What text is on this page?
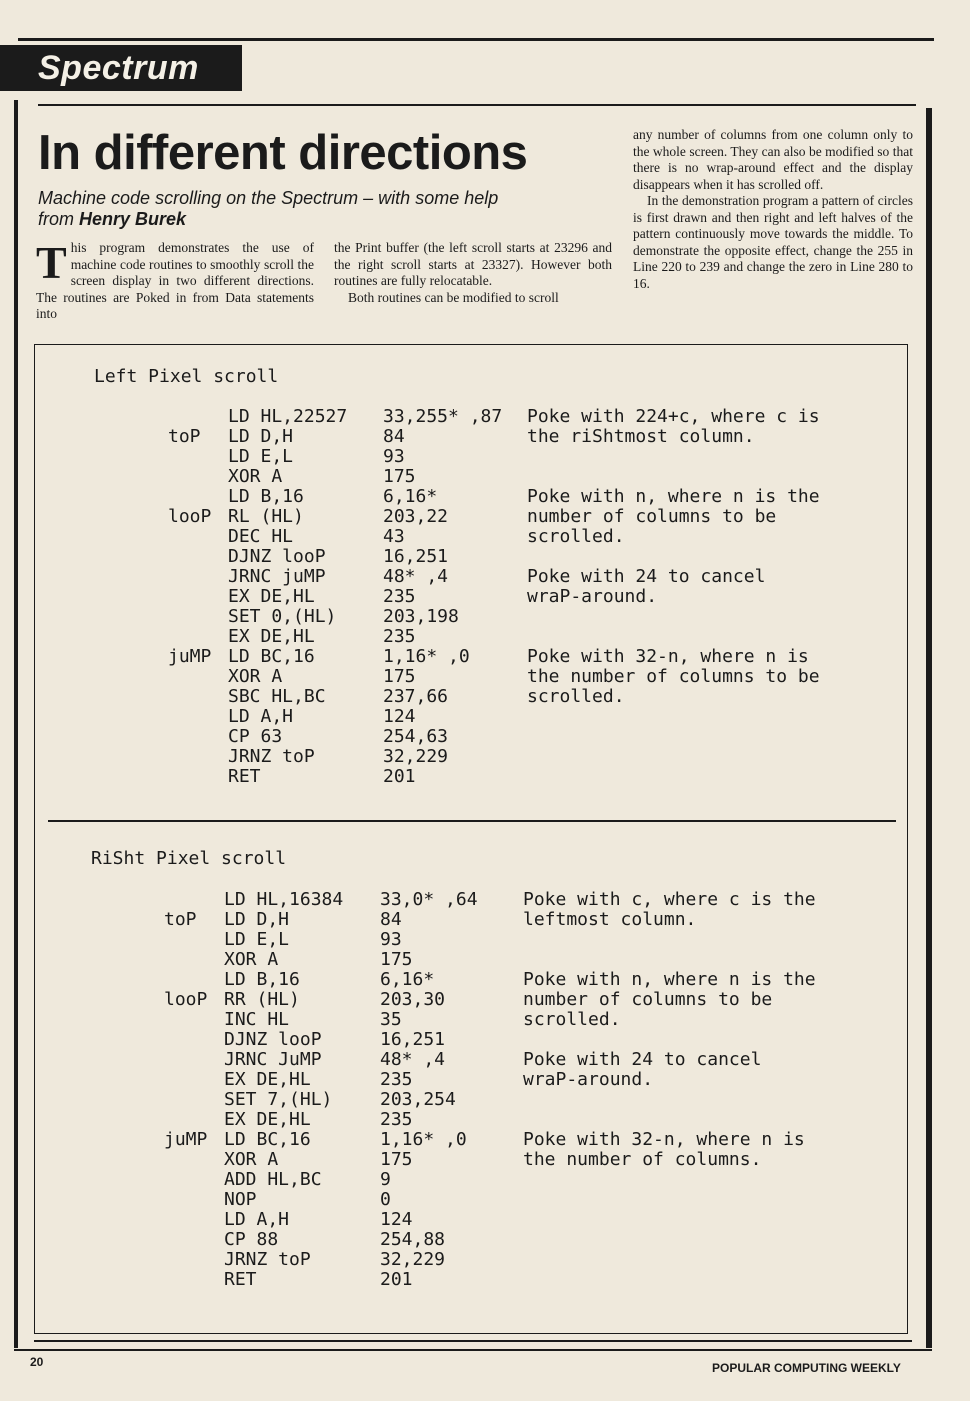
Spectrum
In different directions
Machine code scrolling on the Spectrum – with some help from Henry Burek

This program demonstrates the use of machine code routines to smoothly scroll the screen display in two different directions. The routines are Poked in from Data statements into

the Print buffer (the left scroll starts at 23296 and the right scroll starts at 23327). However both routines are fully relocatable.

Both routines can be modified to scroll

any number of columns from one column only to the whole screen. They can also be modified so that there is no wrap-around effect and the display disappears when it has scrolled off.

In the demonstration program a pattern of circles is first drawn and then right and left halves of the pattern continuously move towards the middle. To demonstrate the opposite effect, change the 255 in Line 220 to 239 and change the zero in Line 280 to 16.

Left Pixel scroll
toP
looP
juMP
LD HL,22527
LD D,H
LD E,L
XOR A
LD B,16
RL (HL)
DEC HL
DJNZ looP
JRNC juMP
EX DE,HL
SET 0,(HL)
EX DE,HL
LD BC,16
XOR A
SBC HL,BC
LD A,H
CP 63
JRNZ toP
RET
33,255* ,87
84
93
175
6,16*
203,22
43
16,251
48* ,4
235
203,198
235
1,16* ,0
175
237,66
124
254,63
32,229
201
Poke with 224+c, where c is
the riShtmost column.
Poke with n, where n is the
number of columns to be
scrolled.
Poke with 24 to cancel
wraP-around.
Poke with 32-n, where n is
the number of columns to be
scrolled.
RiSht Pixel scroll
toP
looP
juMP
LD HL,16384
LD D,H
LD E,L
XOR A
LD B,16
RR (HL)
INC HL
DJNZ looP
JRNC JuMP
EX DE,HL
SET 7,(HL)
EX DE,HL
LD BC,16
XOR A
ADD HL,BC
NOP
LD A,H
CP 88
JRNZ toP
RET
33,0* ,64
84
93
175
6,16*
203,30
35
16,251
48* ,4
235
203,254
235
1,16* ,0
175
9
0
124
254,88
32,229
201
Poke with c, where c is the
leftmost column.
Poke with n, where n is the
number of columns to be
scrolled.
Poke with 24 to cancel
wraP-around.
Poke with 32-n, where n is
the number of columns.
20	POPULAR COMPUTING WEEKLY
